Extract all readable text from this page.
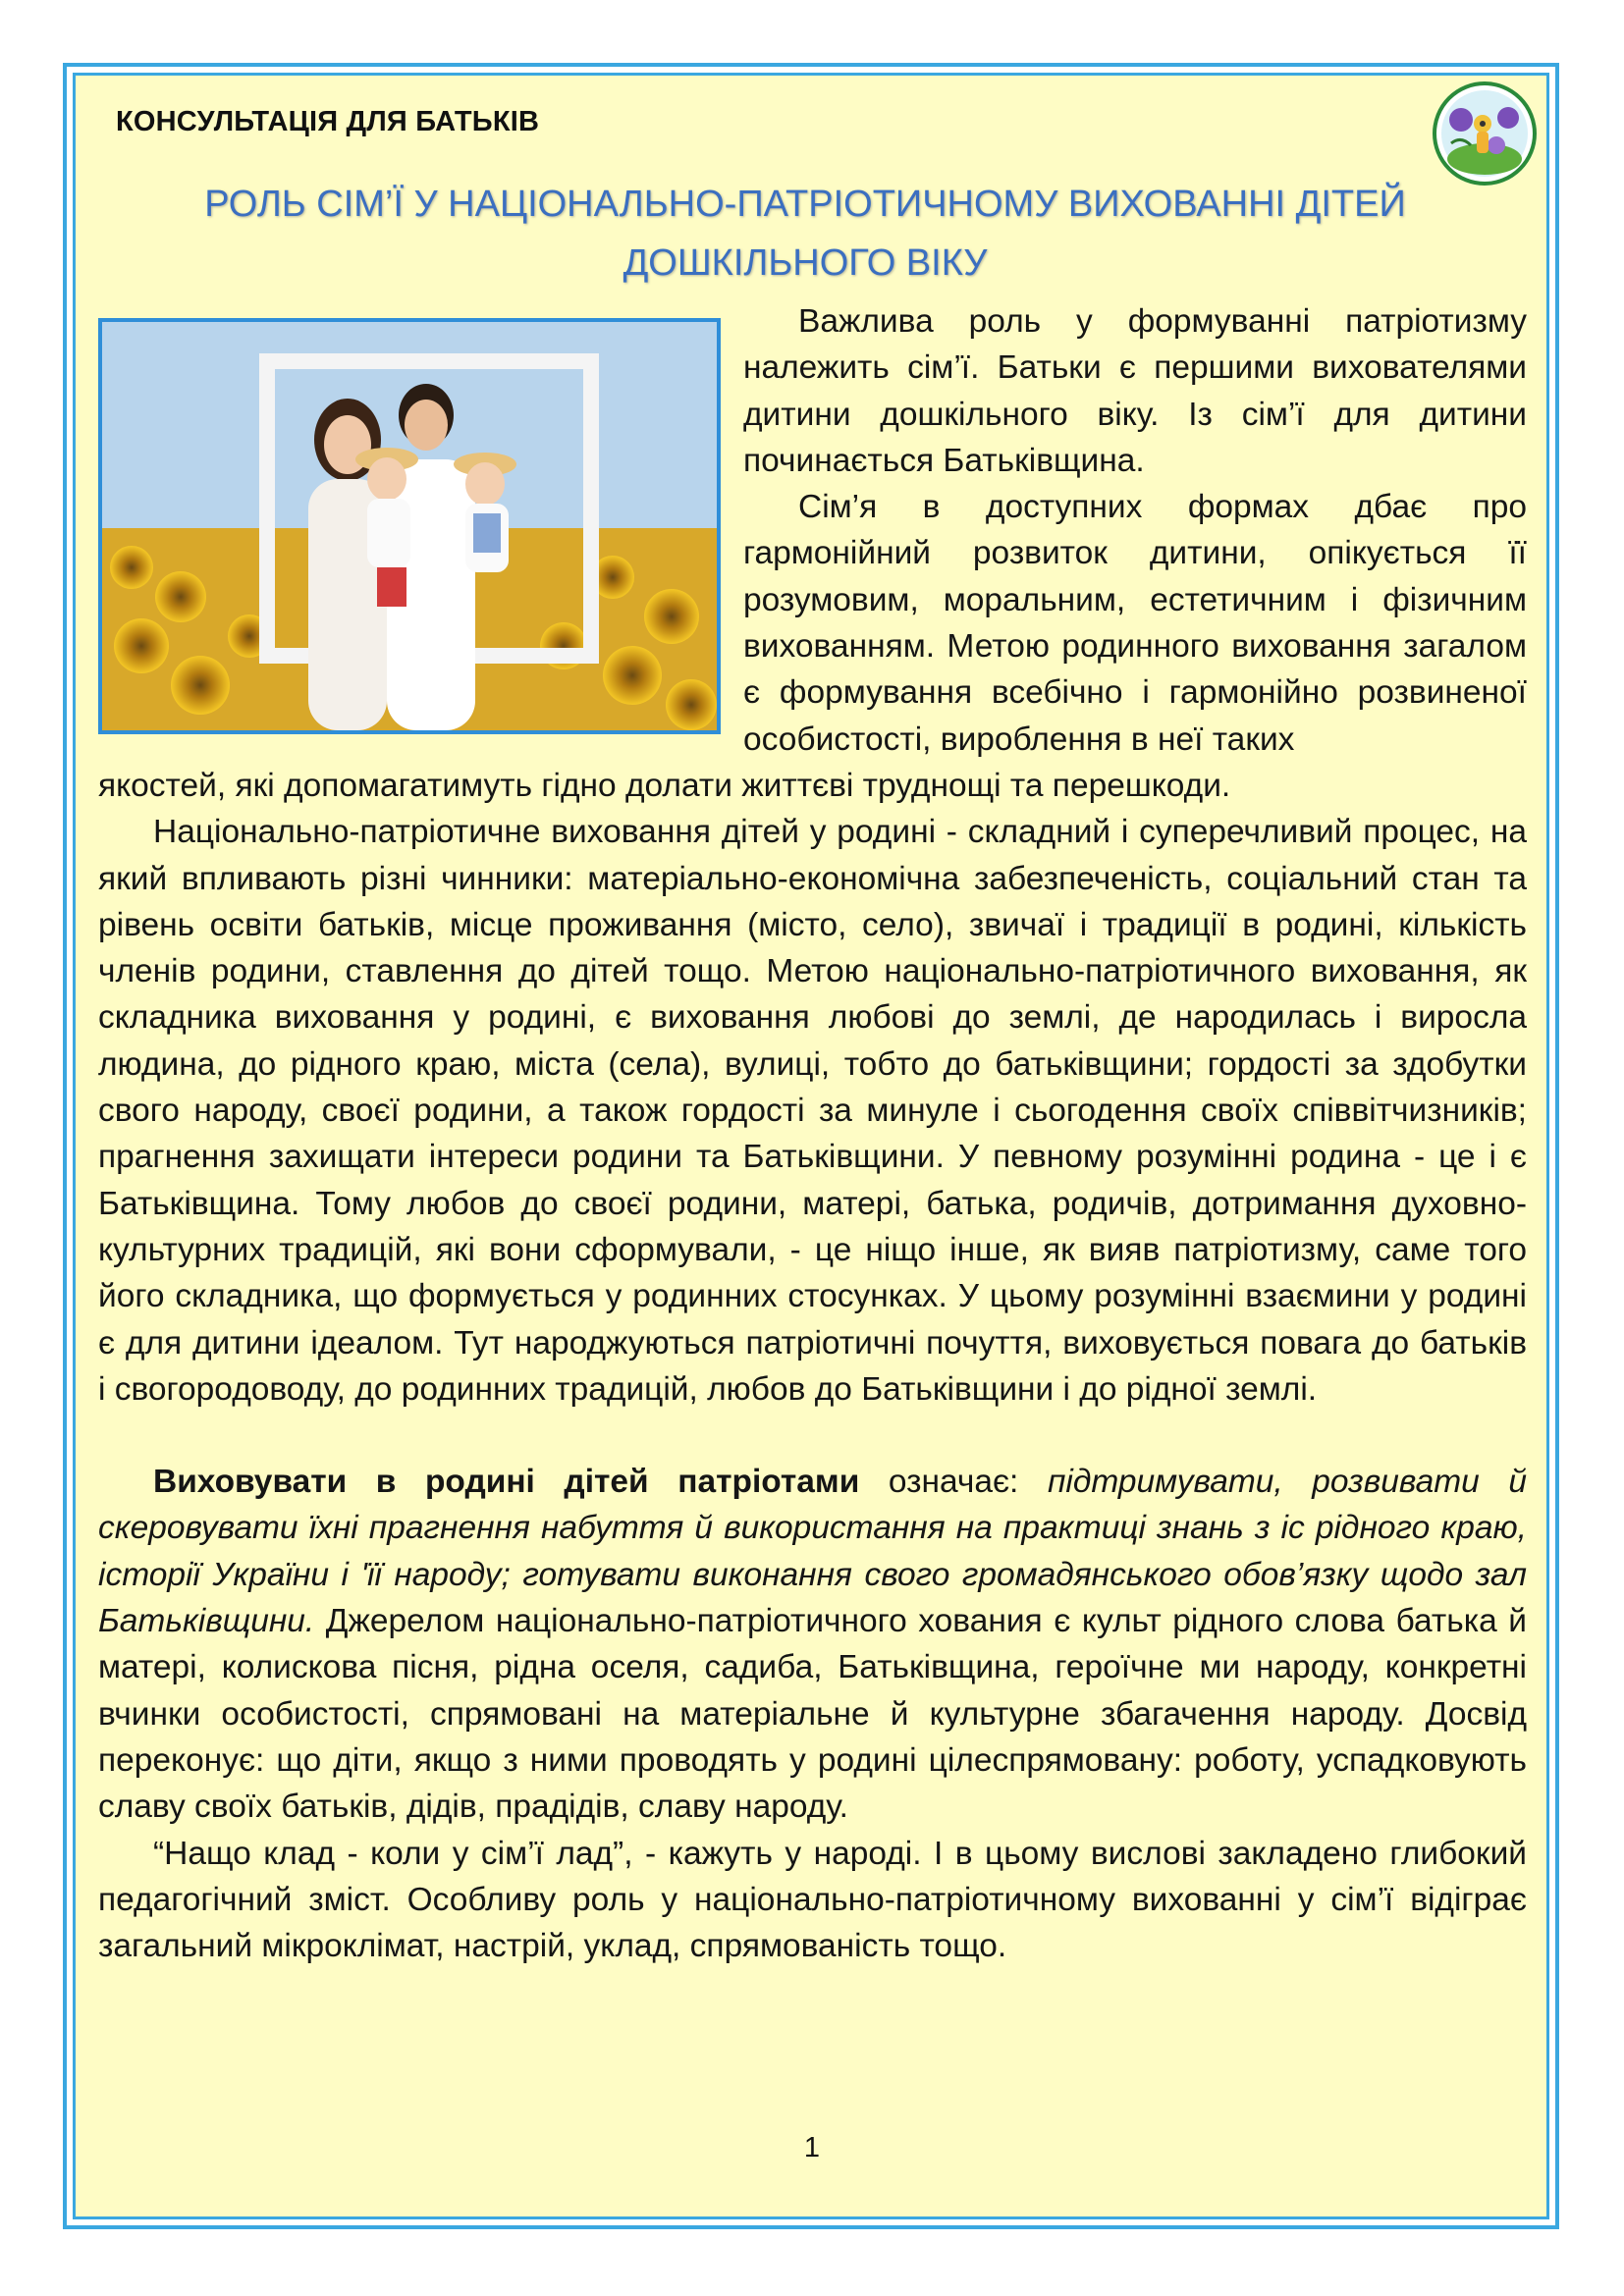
КОНСУЛЬТАЦІЯ ДЛЯ БАТЬКІВ
РОЛЬ СІМ’Ї У НАЦІОНАЛЬНО-ПАТРІОТИЧНОМУ ВИХОВАННІ ДІТЕЙ
ДОШКІЛЬНОГО ВІКУ

Важлива роль у формуванні патріотизму належить сім’ї. Батьки є першими вихователями дитини дошкільного віку. Із сім’ї для дитини починається Батьківщина.

Сім’я в доступних формах дбає про гармонійний розвиток дитини, опікується її розумовим, моральним, естетичним і фізичним вихованням. Метою родинного виховання загалом є формування всебічно і гармонійно розвиненої особистості, вироблення в неї таких

якостей, які допомагатимуть гідно долати життєві труднощі та перешкоди.

Національно-патріотичне виховання дітей у родині - складний і суперечливий процес, на який впливають різні чинники: матеріально-економічна забезпеченість, соціальний стан та рівень освіти батьків, місце проживання (місто, село), звичаї і традиції в родині, кількість членів родини, ставлення до дітей тощо. Метою національно-патріотичного виховання, як складника виховання у родині, є виховання любові до землі, де народилась і виросла людина, до рідного краю, міста (села), вулиці, тобто до батьківщини; гордості за здобутки свого народу, своєї родини, а також гордості за минуле і сьогодення своїх співвітчизників; прагнення захищати інтереси родини та Батьківщини. У певному розумінні родина - це і є Батьківщина. Тому любов до своєї родини, матері, батька, родичів, дотримання духовно-культурних традицій, які вони сформували, - це ніщо інше, як вияв патріотизму, саме того його складника, що формується у родинних стосунках. У цьому розумінні взаємини у родині є для дитини ідеалом. Тут народжуються патріотичні почуття, виховується повага до батьків і свогородоводу, до родинних традицій, любов до Батьківщини і до рідної землі.

Виховувати в родині дітей патріотами означає: підтримувати, розвивати й скеровувати їхні прагнення набуття й використання на практиці знань з іс рідного краю, історії України і 'її народу; готувати виконання свого громадянського обов’язку щодо зал Батьківщини. Джерелом національно-патріотичного хования є культ рідного слова батька й матері, колискова пісня, рідна оселя, садиба, Батьківщина, героїчне ми народу, конкретні вчинки особистості, спрямовані на матеріальне й культурне збагачення народу. Досвід переконує: що діти, якщо з ними проводять у родині цілеспрямовану: роботу, успадковують славу своїх батьків, дідів, прадідів, славу народу.

“Нащо клад - коли у сім’ї лад”, - кажуть у народі. І в цьому вислові закладено глибокий педагогічний зміст. Особливу роль у національно-патріотичному вихованні у сім’ї відіграє загальний мікроклімат, настрій, уклад, спрямованість тощо.

1
